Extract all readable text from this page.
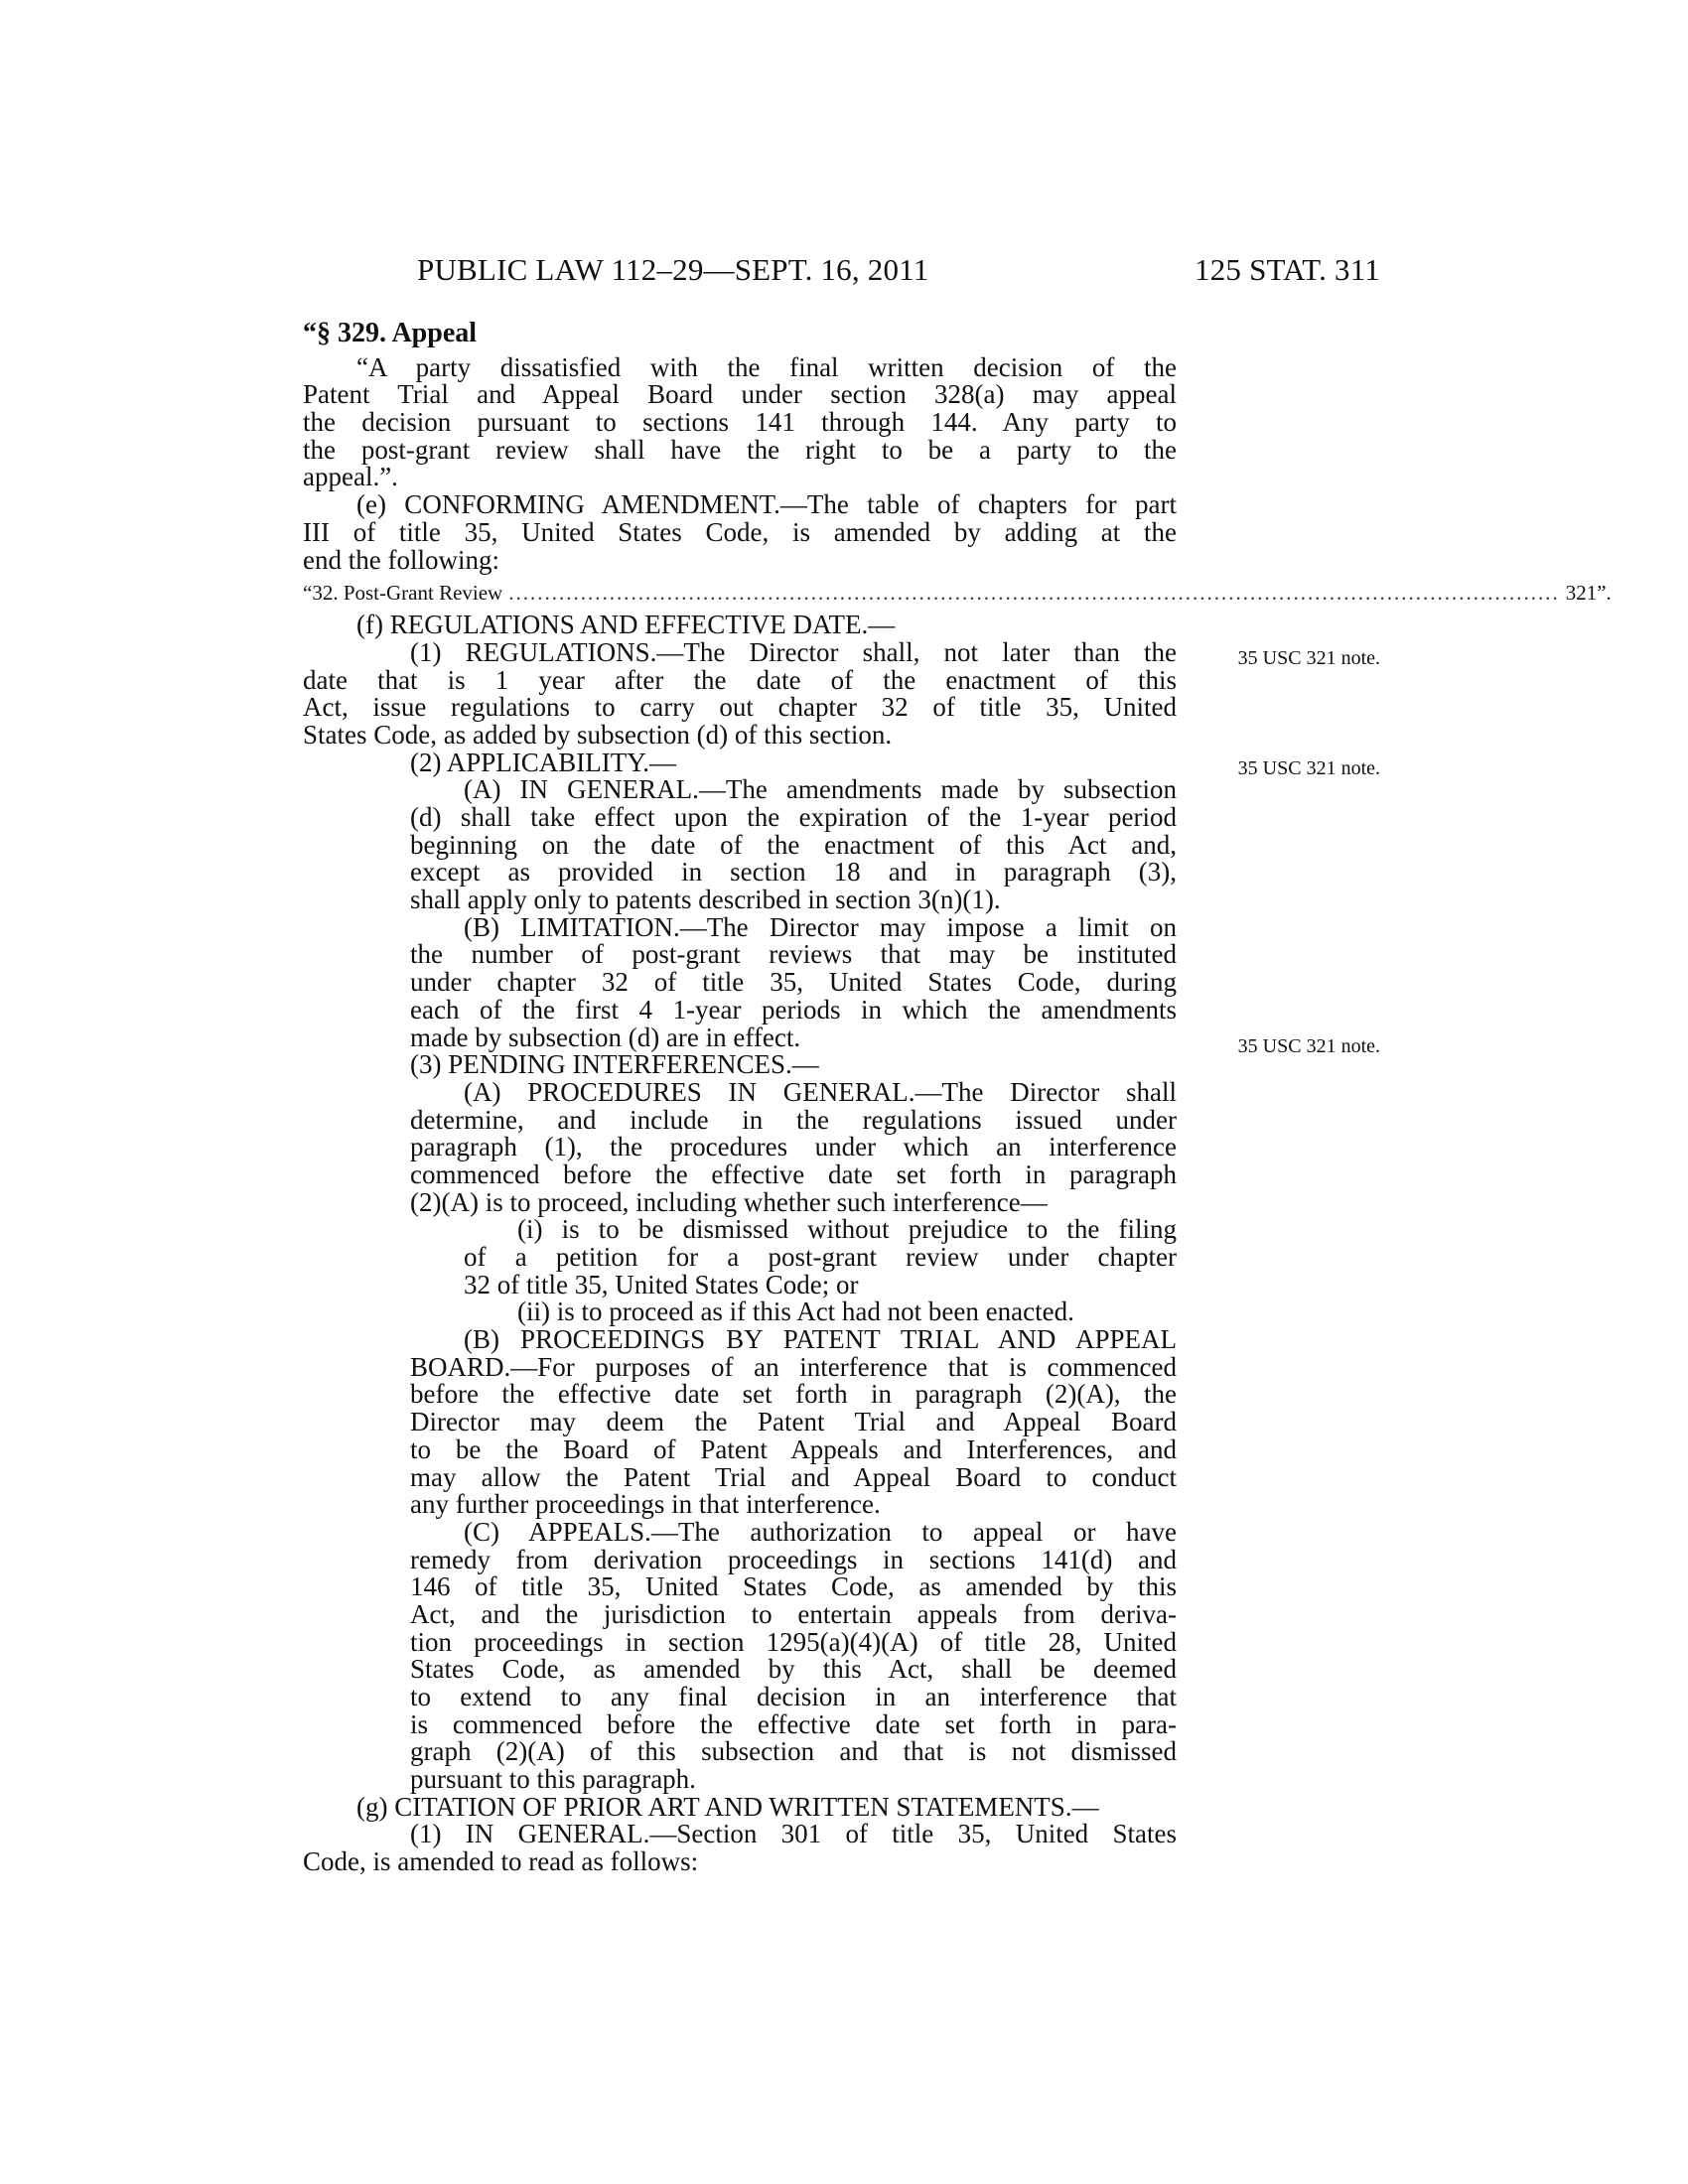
PUBLIC LAW 112–29—SEPT. 16, 2011	125 STAT. 311
“§ 329. Appeal
“A party dissatisfied with the final written decision of the
Patent Trial and Appeal Board under section 328(a) may appeal
the decision pursuant to sections 141 through 144. Any party to
the post-grant review shall have the right to be a party to the
appeal.”.
(e) CONFORMING AMENDMENT.—The table of chapters for part
III of title 35, United States Code, is amended by adding at the
end the following:
“32. Post-Grant Review .................................................................................................................................................. 321”.
(f) REGULATIONS AND EFFECTIVE DATE.—
(1) REGULATIONS.—The Director shall, not later than the
date that is 1 year after the date of the enactment of this
Act, issue regulations to carry out chapter 32 of title 35, United
States Code, as added by subsection (d) of this section.
(2) APPLICABILITY.—
(A) IN GENERAL.—The amendments made by subsection
(d) shall take effect upon the expiration of the 1-year period
beginning on the date of the enactment of this Act and,
except as provided in section 18 and in paragraph (3),
shall apply only to patents described in section 3(n)(1).
(B) LIMITATION.—The Director may impose a limit on
the number of post-grant reviews that may be instituted
under chapter 32 of title 35, United States Code, during
each of the first 4 1-year periods in which the amendments
made by subsection (d) are in effect.
(3) PENDING INTERFERENCES.—
(A) PROCEDURES IN GENERAL.—The Director shall
determine, and include in the regulations issued under
paragraph (1), the procedures under which an interference
commenced before the effective date set forth in paragraph
(2)(A) is to proceed, including whether such interference—
(i) is to be dismissed without prejudice to the filing
of a petition for a post-grant review under chapter
32 of title 35, United States Code; or
(ii) is to proceed as if this Act had not been enacted.
(B) PROCEEDINGS BY PATENT TRIAL AND APPEAL
BOARD.—For purposes of an interference that is commenced
before the effective date set forth in paragraph (2)(A), the
Director may deem the Patent Trial and Appeal Board
to be the Board of Patent Appeals and Interferences, and
may allow the Patent Trial and Appeal Board to conduct
any further proceedings in that interference.
(C) APPEALS.—The authorization to appeal or have
remedy from derivation proceedings in sections 141(d) and
146 of title 35, United States Code, as amended by this
Act, and the jurisdiction to entertain appeals from deriva-
tion proceedings in section 1295(a)(4)(A) of title 28, United
States Code, as amended by this Act, shall be deemed
to extend to any final decision in an interference that
is commenced before the effective date set forth in para-
graph (2)(A) of this subsection and that is not dismissed
pursuant to this paragraph.
(g) CITATION OF PRIOR ART AND WRITTEN STATEMENTS.—
(1) IN GENERAL.—Section 301 of title 35, United States
Code, is amended to read as follows:
35 USC 321 note.
35 USC 321 note.
35 USC 321 note.
